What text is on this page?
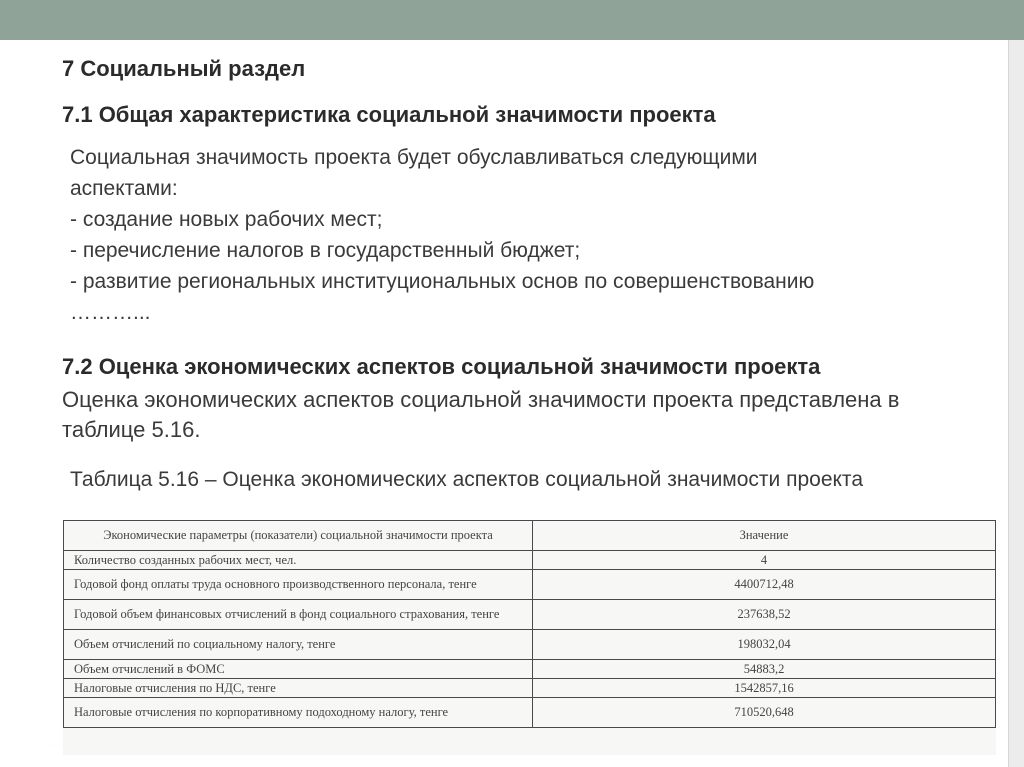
7 Социальный раздел
7.1 Общая характеристика социальной значимости проекта
Социальная значимость проекта будет обуславливаться следующими
аспектами:
- создание новых рабочих мест;
- перечисление налогов в государственный бюджет;
- развитие региональных институциональных основ по совершенствованию
………...
7.2 Оценка экономических аспектов социальной значимости проекта
Оценка экономических аспектов социальной значимости проекта представлена в таблице 5.16.
Таблица 5.16 – Оценка экономических аспектов социальной значимости проекта
Экономические параметры (показатели) социальной значимости проекта	Значение
Количество созданных рабочих мест, чел.	4
Годовой фонд оплаты труда основного производственного персонала, тенге	4400712,48
Годовой объем финансовых отчислений в фонд социального страхования, тенге	237638,52
Объем отчислений по социальному налогу, тенге	198032,04
Объем отчислений в ФОМС	54883,2
Налоговые отчисления по НДС, тенге	1542857,16
Налоговые отчисления по корпоративному подоходному налогу, тенге	710520,648
